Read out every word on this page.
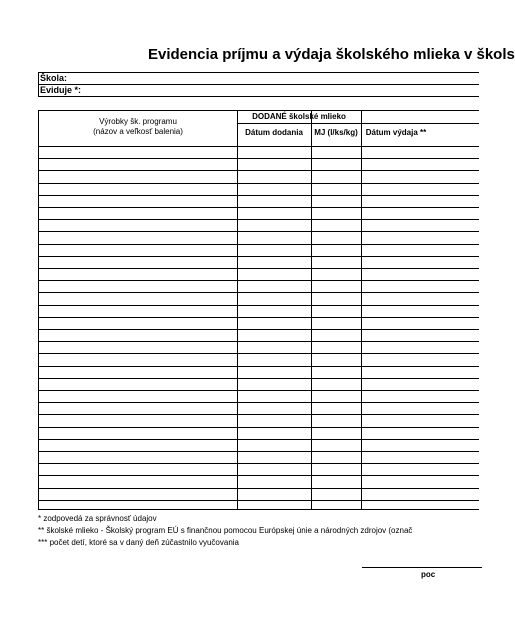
Evidencia príjmu a výdaja školského mlieka v škols
Škola:
Eviduje *:
Výrobky šk. programu
(názov a veľkosť balenia)
DODANÉ školské mlieko
Dátum dodania	MJ (l/ks/kg) Dátum výdaja **
* zodpovedá za správnosť údajov
** školské mlieko - Školský program EÚ s finančnou pomocou Európskej únie a národných zdrojov (označ
*** počet detí, ktoré sa v daný deň zúčastnilo vyučovania
poc
